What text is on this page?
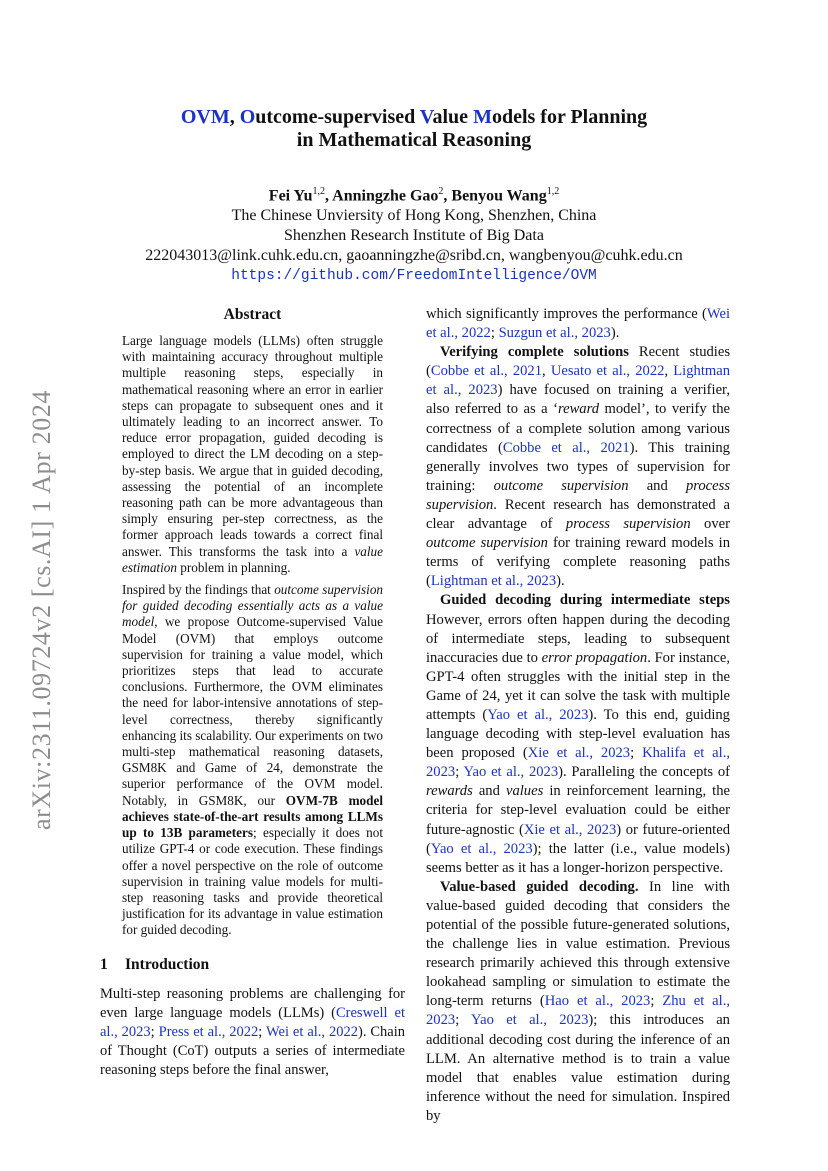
arXiv:2311.09724v2 [cs.AI] 1 Apr 2024
OVM, Outcome-supervised Value Models for Planning
in Mathematical Reasoning
Fei Yu$^{1,2}$, Anningzhe Gao$^2$, Benyou Wang$^{1,2}$
The Chinese Unviersity of Hong Kong, Shenzhen, China
Shenzhen Research Institute of Big Data
222043013@link.cuhk.edu.cn, gaoanningzhe@sribd.cn, wangbenyou@cuhk.edu.cn
https://github.com/FreedomIntelligence/OVM
Abstract

Large language models (LLMs) often struggle with maintaining accuracy throughout multiple multiple reasoning steps, especially in mathematical reasoning where an error in earlier steps can propagate to subsequent ones and it ultimately leading to an incorrect answer. To reduce error propagation, guided decoding is employed to direct the LM decoding on a step-by-step basis. We argue that in guided decoding, assessing the potential of an incomplete reasoning path can be more advantageous than simply ensuring per-step correctness, as the former approach leads towards a correct final answer. This transforms the task into a value estimation problem in planning.

Inspired by the findings that outcome supervision for guided decoding essentially acts as a value model, we propose Outcome-supervised Value Model (OVM) that employs outcome supervision for training a value model, which prioritizes steps that lead to accurate conclusions. Furthermore, the OVM eliminates the need for labor-intensive annotations of step-level correctness, thereby significantly enhancing its scalability. Our experiments on two multi-step mathematical reasoning datasets, GSM8K and Game of 24, demonstrate the superior performance of the OVM model. Notably, in GSM8K, our OVM-7B model achieves state-of-the-art results among LLMs up to 13B parameters; especially it does not utilize GPT-4 or code execution. These findings offer a novel perspective on the role of outcome supervision in training value models for multi-step reasoning tasks and provide theoretical justification for its advantage in value estimation for guided decoding.

1 Introduction

Multi-step reasoning problems are challenging for even large language models (LLMs) (Creswell et al., 2023; Press et al., 2022; Wei et al., 2022). Chain of Thought (CoT) outputs a series of intermediate reasoning steps before the final answer,

which significantly improves the performance (Wei et al., 2022; Suzgun et al., 2023).

Verifying complete solutions Recent studies (Cobbe et al., 2021, Uesato et al., 2022, Lightman et al., 2023) have focused on training a verifier, also referred to as a ‘reward model’, to verify the correctness of a complete solution among various candidates (Cobbe et al., 2021). This training generally involves two types of supervision for training: outcome supervision and process supervision. Recent research has demonstrated a clear advantage of process supervision over outcome supervision for training reward models in terms of verifying complete reasoning paths (Lightman et al., 2023).

Guided decoding during intermediate steps However, errors often happen during the decoding of intermediate steps, leading to subsequent inaccuracies due to error propagation. For instance, GPT-4 often struggles with the initial step in the Game of 24, yet it can solve the task with multiple attempts (Yao et al., 2023). To this end, guiding language decoding with step-level evaluation has been proposed (Xie et al., 2023; Khalifa et al., 2023; Yao et al., 2023). Paralleling the concepts of rewards and values in reinforcement learning, the criteria for step-level evaluation could be either future-agnostic (Xie et al., 2023) or future-oriented (Yao et al., 2023); the latter (i.e., value models) seems better as it has a longer-horizon perspective.

Value-based guided decoding. In line with value-based guided decoding that considers the potential of the possible future-generated solutions, the challenge lies in value estimation. Previous research primarily achieved this through extensive lookahead sampling or simulation to estimate the long-term returns (Hao et al., 2023; Zhu et al., 2023; Yao et al., 2023); this introduces an additional decoding cost during the inference of an LLM. An alternative method is to train a value model that enables value estimation during inference without the need for simulation. Inspired by
